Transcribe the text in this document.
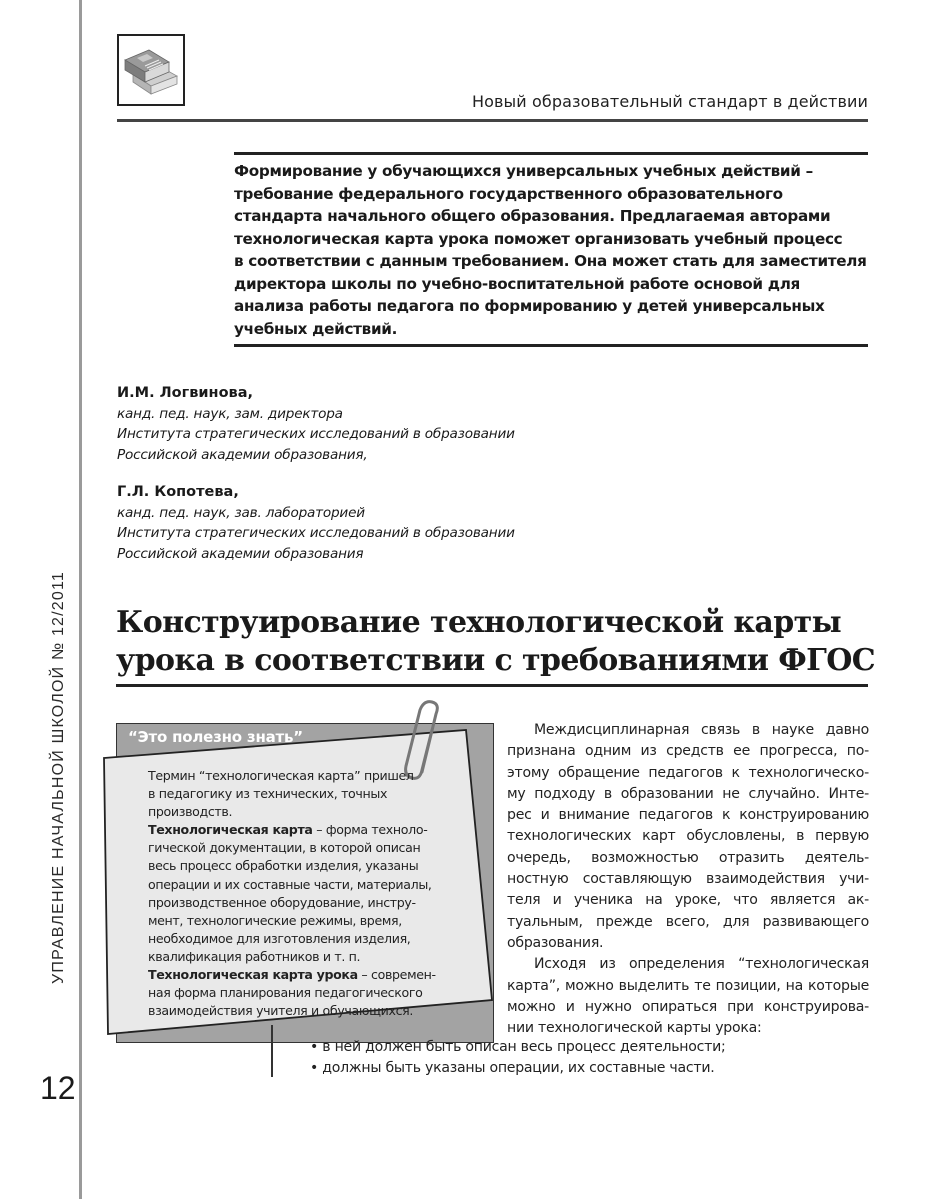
УПРАВЛЕНИЕ НАЧАЛЬНОЙ ШКОЛОЙ № 12/2011
12
Новый образовательный стандарт в действии
Формирование у обучающихся универсальных учебных действий –
требование федерального государственного образовательного
стандарта начального общего образования. Предлагаемая авторами
технологическая карта урока поможет организовать учебный процесс
в соответствии с данным требованием. Она может стать для заместителя
директора школы по учебно-воспитательной работе основой для
анализа работы педагога по формированию у детей универсальных
учебных действий.
И.М. Логвинова,
канд. пед. наук, зам. директора
Института стратегических исследований в образовании
Российской академии образования,
Г.Л. Копотева,
канд. пед. наук, зав. лабораторией
Института стратегических исследований в образовании
Российской академии образования
Конструирование технологической карты
урока в соответствии с требованиями ФГОС
“Это полезно знать”
Термин “технологическая карта” пришел
в педагогику из технических, точных
производств.
Технологическая карта – форма техноло-
гической документации, в которой описан
весь процесс обработки изделия, указаны
операции и их составные части, материалы,
производственное оборудование, инстру-
мент, технологические режимы, время,
необходимое для изготовления изделия,
квалификация работников и т. п.
Технологическая карта урока – современ-
ная форма планирования педагогического
взаимодействия учителя и обучающихся.
Междисциплинарная связь в науке давно
признана одним из средств ее прогресса, по-
этому обращение педагогов к технологическо-
му подходу в образовании не случайно. Инте-
рес и внимание педагогов к конструированию
технологических карт обусловлены, в первую
очередь, возможностью отразить деятель-
ностную составляющую взаимодействия учи-
теля и ученика на уроке, что является ак-
туальным, прежде всего, для развивающего
образования.
Исходя из определения “технологическая
карта”, можно выделить те позиции, на которые
можно и нужно опираться при конструирова-
нии технологической карты урока:
• в ней должен быть описан весь процесс деятельности;
• должны быть указаны операции, их составные части.
